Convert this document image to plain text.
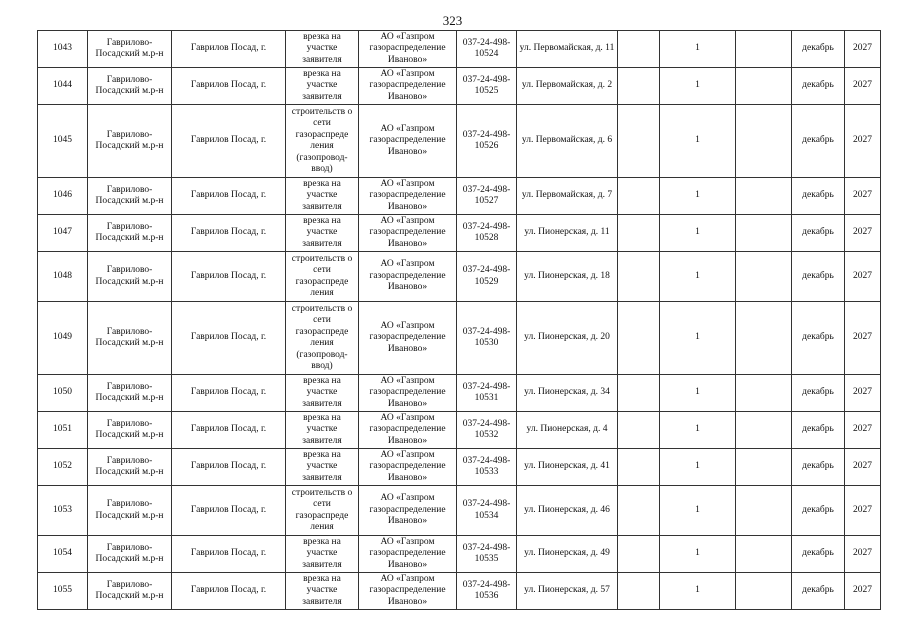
323
1043	Гаврилово-Посадский м.р-н	Гаврилов Посад, г.	врезка на участке заявителя	АО «Газпром газораспределение Иваново»	037-24-498-10524	ул. Первомайская, д. 11		1		декабрь	2027
1044	Гаврилово-Посадский м.р-н	Гаврилов Посад, г.	врезка на участке заявителя	АО «Газпром газораспределение Иваново»	037-24-498-10525	ул. Первомайская, д. 2		1		декабрь	2027
1045	Гаврилово-Посадский м.р-н	Гаврилов Посад, г.	строительств о сети газораспреде ления (газопровод-ввод)	АО «Газпром газораспределение Иваново»	037-24-498-10526	ул. Первомайская, д. 6		1		декабрь	2027
1046	Гаврилово-Посадский м.р-н	Гаврилов Посад, г.	врезка на участке заявителя	АО «Газпром газораспределение Иваново»	037-24-498-10527	ул. Первомайская, д. 7		1		декабрь	2027
1047	Гаврилово-Посадский м.р-н	Гаврилов Посад, г.	врезка на участке заявителя	АО «Газпром газораспределение Иваново»	037-24-498-10528	ул. Пионерская, д. 11		1		декабрь	2027
1048	Гаврилово-Посадский м.р-н	Гаврилов Посад, г.	строительств о сети газораспреде ления	АО «Газпром газораспределение Иваново»	037-24-498-10529	ул. Пионерская, д. 18		1		декабрь	2027
1049	Гаврилово-Посадский м.р-н	Гаврилов Посад, г.	строительств о сети газораспреде ления (газопровод-ввод)	АО «Газпром газораспределение Иваново»	037-24-498-10530	ул. Пионерская, д. 20		1		декабрь	2027
1050	Гаврилово-Посадский м.р-н	Гаврилов Посад, г.	врезка на участке заявителя	АО «Газпром газораспределение Иваново»	037-24-498-10531	ул. Пионерская, д. 34		1		декабрь	2027
1051	Гаврилово-Посадский м.р-н	Гаврилов Посад, г.	врезка на участке заявителя	АО «Газпром газораспределение Иваново»	037-24-498-10532	ул. Пионерская, д. 4		1		декабрь	2027
1052	Гаврилово-Посадский м.р-н	Гаврилов Посад, г.	врезка на участке заявителя	АО «Газпром газораспределение Иваново»	037-24-498-10533	ул. Пионерская, д. 41		1		декабрь	2027
1053	Гаврилово-Посадский м.р-н	Гаврилов Посад, г.	строительств о сети газораспреде ления	АО «Газпром газораспределение Иваново»	037-24-498-10534	ул. Пионерская, д. 46		1		декабрь	2027
1054	Гаврилово-Посадский м.р-н	Гаврилов Посад, г.	врезка на участке заявителя	АО «Газпром газораспределение Иваново»	037-24-498-10535	ул. Пионерская, д. 49		1		декабрь	2027
1055	Гаврилово-Посадский м.р-н	Гаврилов Посад, г.	врезка на участке заявителя	АО «Газпром газораспределение Иваново»	037-24-498-10536	ул. Пионерская, д. 57		1		декабрь	2027
